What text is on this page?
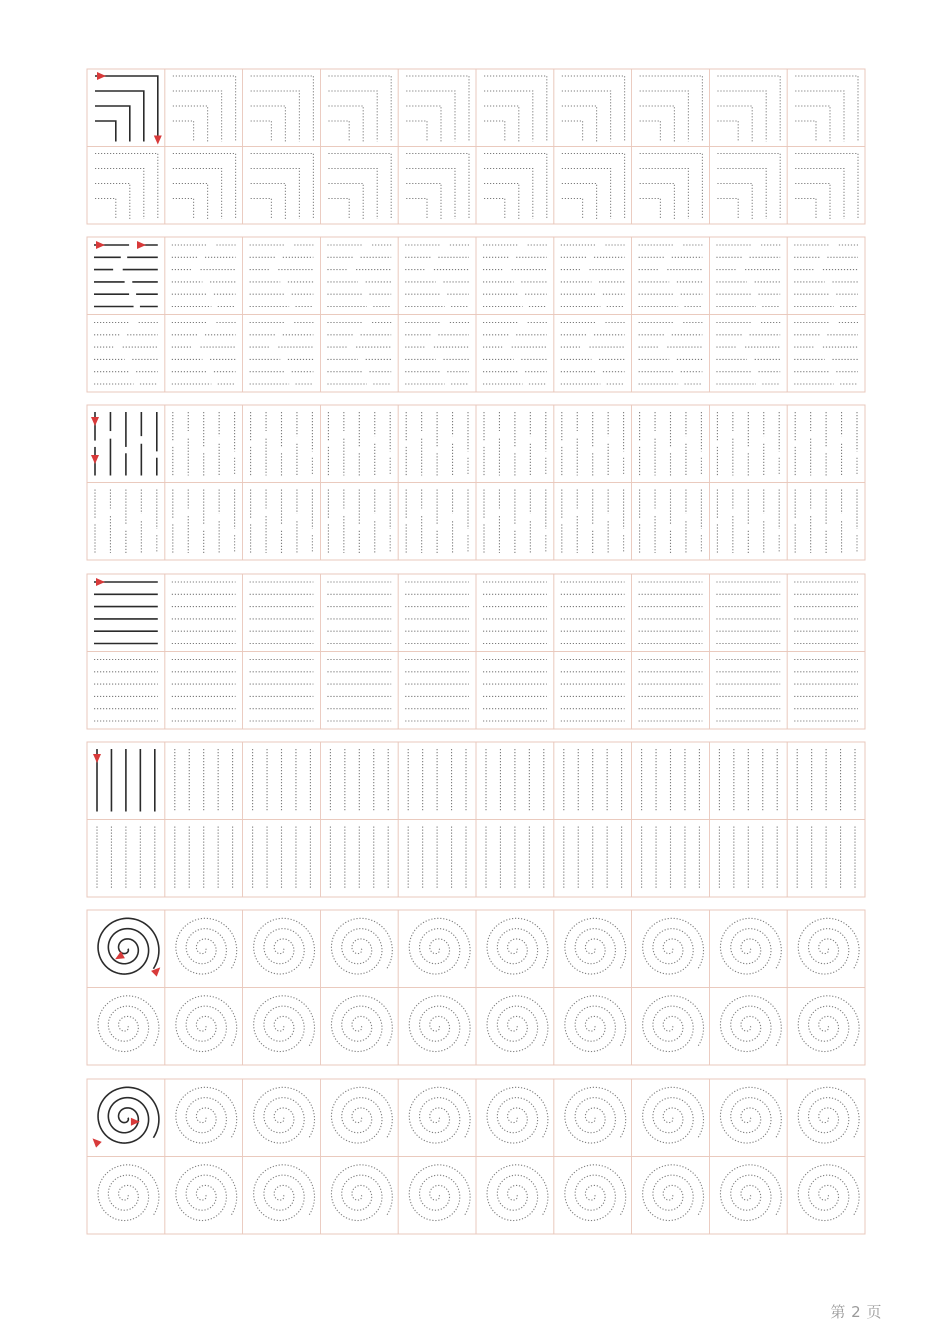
第 2 页
